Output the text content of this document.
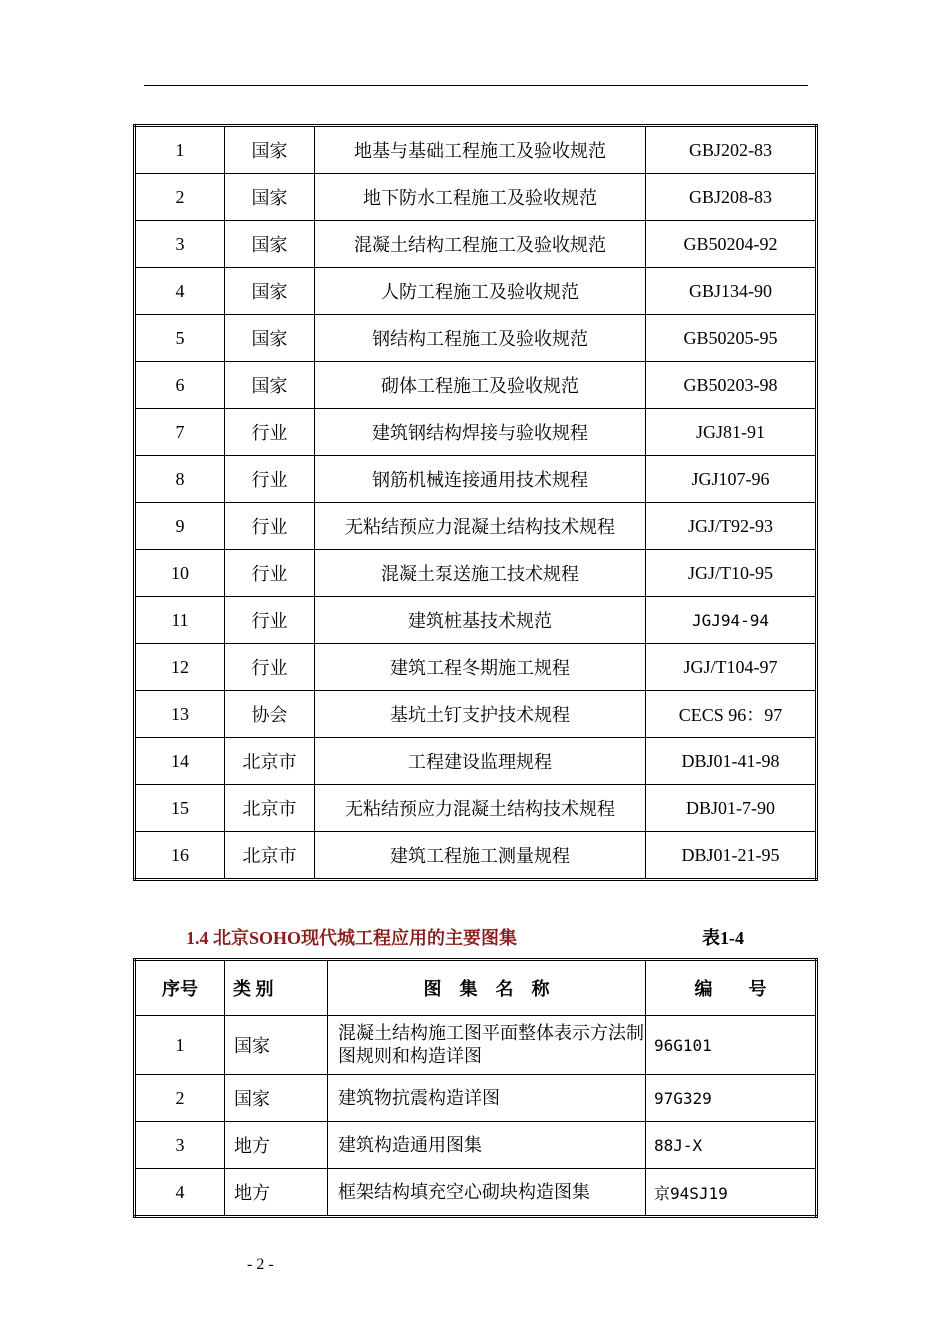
1	国家	地基与基础工程施工及验收规范	GBJ202-83
2	国家	地下防水工程施工及验收规范	GBJ208-83
3	国家	混凝土结构工程施工及验收规范	GB50204-92
4	国家	人防工程施工及验收规范	GBJ134-90
5	国家	钢结构工程施工及验收规范	GB50205-95
6	国家	砌体工程施工及验收规范	GB50203-98
7	行业	建筑钢结构焊接与验收规程	JGJ81-91
8	行业	钢筋机械连接通用技术规程	JGJ107-96
9	行业	无粘结预应力混凝土结构技术规程	JGJ/T92-93
10	行业	混凝土泵送施工技术规程	JGJ/T10-95
11	行业	建筑桩基技术规范	JGJ94-94
12	行业	建筑工程冬期施工规程	JGJ/T104-97
13	协会	基坑土钉支护技术规程	CECS 96：97
14	北京市	工程建设监理规程	DBJ01-41-98
15	北京市	无粘结预应力混凝土结构技术规程	DBJ01-7-90
16	北京市	建筑工程施工测量规程	DBJ01-21-95
1.4 北京SOHO现代城工程应用的主要图集	表1-4
序号	类 别	图　集　名　称	编　　号
1	国家	混凝土结构施工图平面整体表示方法制图规则和构造详图	96G101
2	国家	建筑物抗震构造详图	97G329
3	地方	建筑构造通用图集	88J-X
4	地方	框架结构填充空心砌块构造图集	京94SJ19
- 2 -
